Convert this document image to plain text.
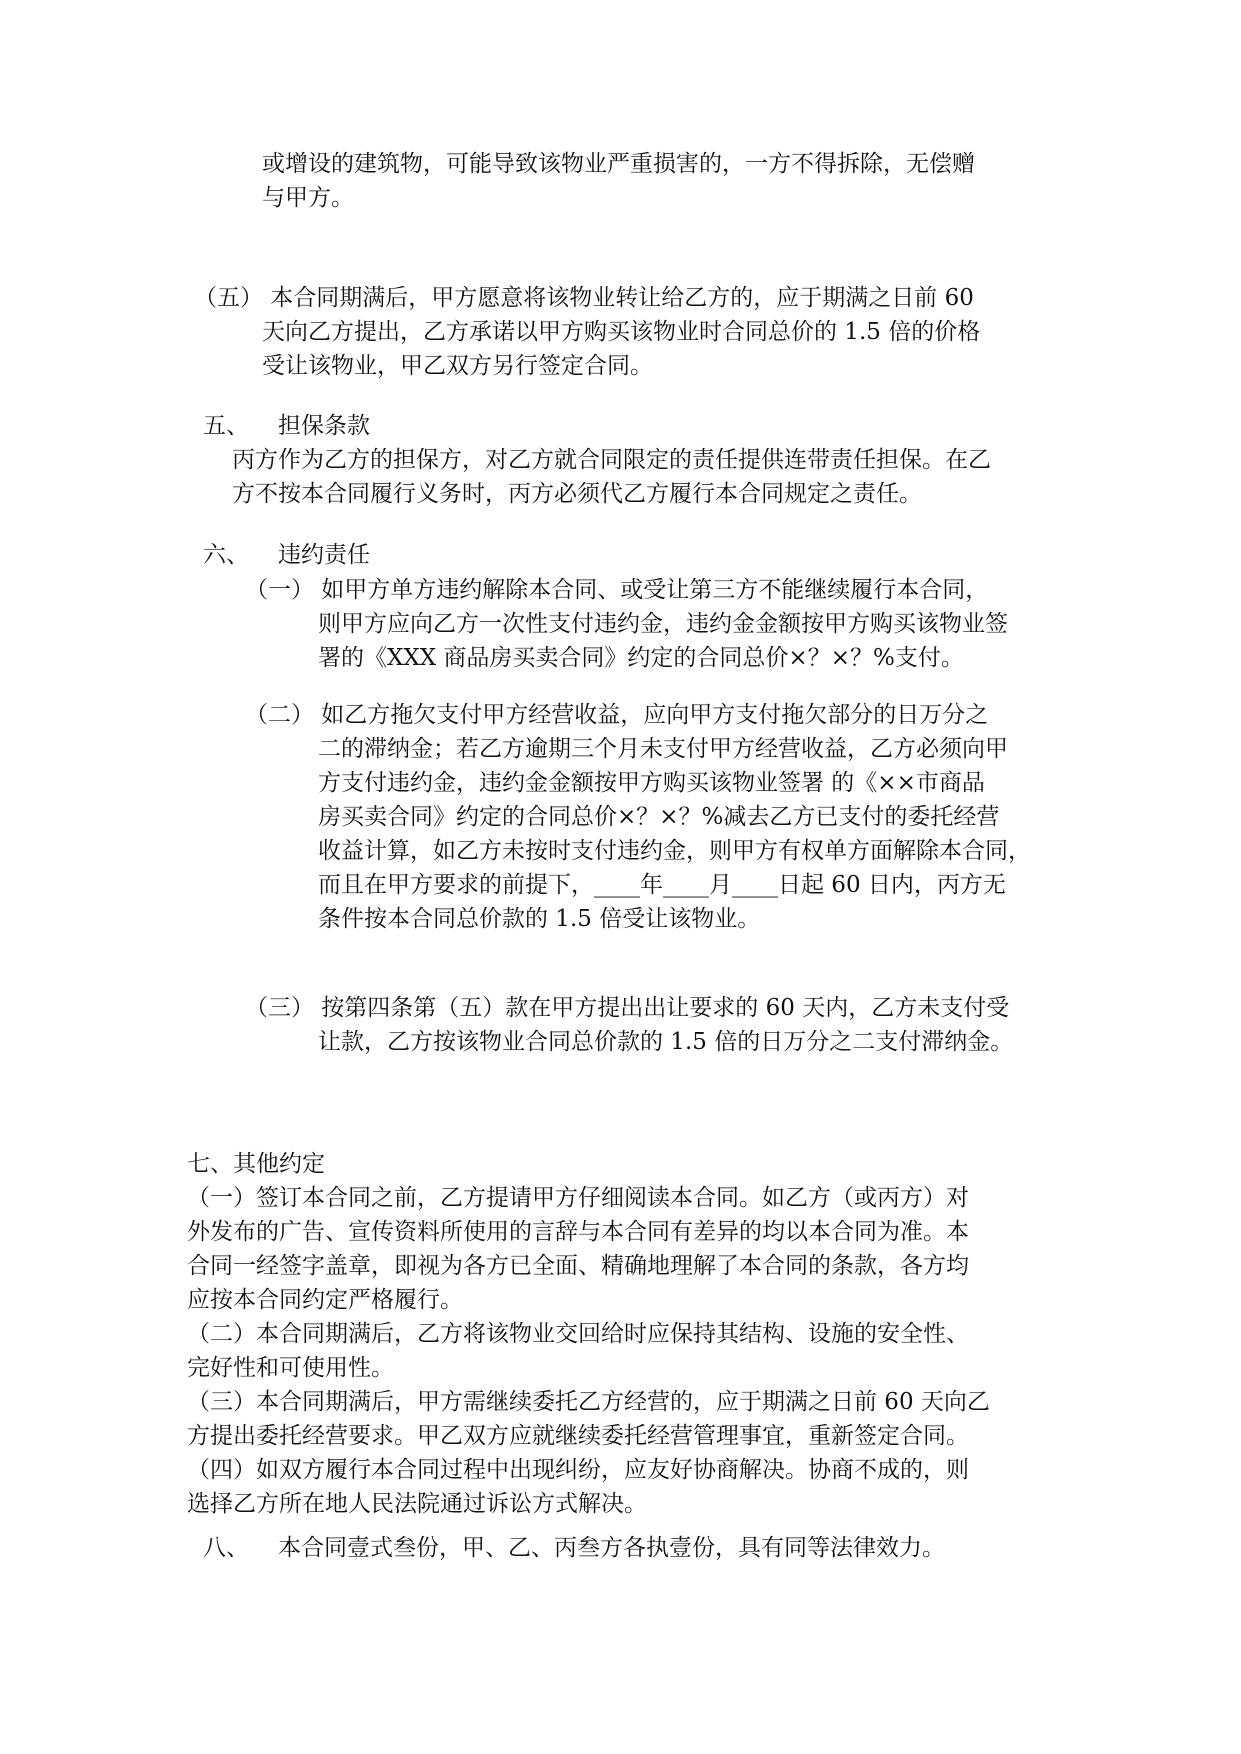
或增设的建筑物，可能导致该物业严重损害的，一方不得拆除，无偿赠
与甲方。
（五） 本合同期满后，甲方愿意将该物业转让给乙方的，应于期满之日前 60
天向乙方提出，乙方承诺以甲方购买该物业时合同总价的 1.5 倍的价格
受让该物业，甲乙双方另行签定合同。
五、 担保条款
丙方作为乙方的担保方，对乙方就合同限定的责任提供连带责任担保。在乙
方不按本合同履行义务时，丙方必须代乙方履行本合同规定之责任。
六、 违约责任
（一） 如甲方单方违约解除本合同、或受让第三方不能继续履行本合同，
则甲方应向乙方一次性支付违约金，违约金金额按甲方购买该物业签
署的《XXX 商品房买卖合同》约定的合同总价×？×？%支付。
（二） 如乙方拖欠支付甲方经营收益，应向甲方支付拖欠部分的日万分之
二的滞纳金；若乙方逾期三个月未支付甲方经营收益，乙方必须向甲
方支付违约金，违约金金额按甲方购买该物业签署 的《××市商品
房买卖合同》约定的合同总价×？×？%减去乙方已支付的委托经营
收益计算，如乙方未按时支付违约金，则甲方有权单方面解除本合同，
而且在甲方要求的前提下，____年____月____日起 60 日内，丙方无
条件按本合同总价款的 1.5 倍受让该物业。
（三） 按第四条第（五）款在甲方提出出让要求的 60 天内，乙方未支付受
让款，乙方按该物业合同总价款的 1.5 倍的日万分之二支付滞纳金。
七、其他约定
（一）签订本合同之前，乙方提请甲方仔细阅读本合同。如乙方（或丙方）对
外发布的广告、宣传资料所使用的言辞与本合同有差异的均以本合同为准。本
合同一经签字盖章，即视为各方已全面、精确地理解了本合同的条款，各方均
应按本合同约定严格履行。
（二）本合同期满后，乙方将该物业交回给时应保持其结构、设施的安全性、
完好性和可使用性。
（三）本合同期满后，甲方需继续委托乙方经营的，应于期满之日前 60 天向乙
方提出委托经营要求。甲乙双方应就继续委托经营管理事宜，重新签定合同。
（四）如双方履行本合同过程中出现纠纷，应友好协商解决。协商不成的，则
选择乙方所在地人民法院通过诉讼方式解决。
八、 本合同壹式叁份，甲、乙、丙叁方各执壹份，具有同等法律效力。
